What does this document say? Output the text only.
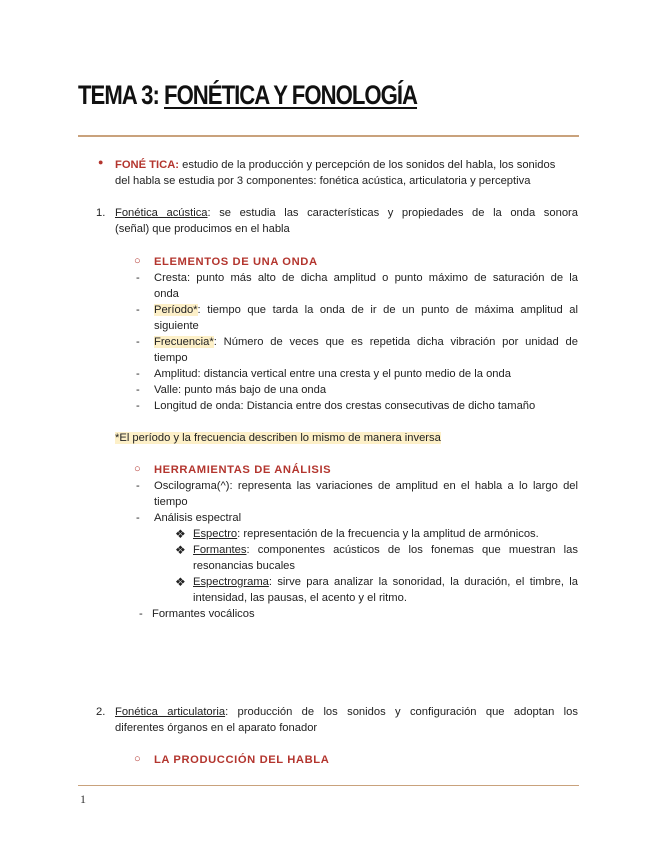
TEMA 3: FONÉTICA Y FONOLOGÍA
● FONÉ TICA: estudio de la producción y percepción de los sonidos del habla, los sonidos
del habla se estudia por 3 componentes: fonética acústica, articulatoria y perceptiva
1. Fonética acústica: se estudia las características y propiedades de la onda sonora
(señal) que producimos en el habla
○ ELEMENTOS DE UNA ONDA
- Cresta: punto más alto de dicha amplitud o punto máximo de saturación de la
onda
- Período*: tiempo que tarda la onda de ir de un punto de máxima amplitud al
siguiente
- Frecuencia*: Número de veces que es repetida dicha vibración por unidad de
tiempo
- Amplitud: distancia vertical entre una cresta y el punto medio de la onda
- Valle: punto más bajo de una onda
- Longitud de onda: Distancia entre dos crestas consecutivas de dicho tamaño
*El período y la frecuencia describen lo mismo de manera inversa
○ HERRAMIENTAS DE ANÁLISIS
- Oscilograma(^): representa las variaciones de amplitud en el habla a lo largo del
tiempo
- Análisis espectral
❖ Espectro: representación de la frecuencia y la amplitud de armónicos.
❖ Formantes: componentes acústicos de los fonemas que muestran las
resonancias bucales
❖ Espectrograma: sirve para analizar la sonoridad, la duración, el timbre, la
intensidad, las pausas, el acento y el ritmo.
- Formantes vocálicos
2. Fonética articulatoria: producción de los sonidos y configuración que adoptan los
diferentes órganos en el aparato fonador
○ LA PRODUCCIÓN DEL HABLA
1
